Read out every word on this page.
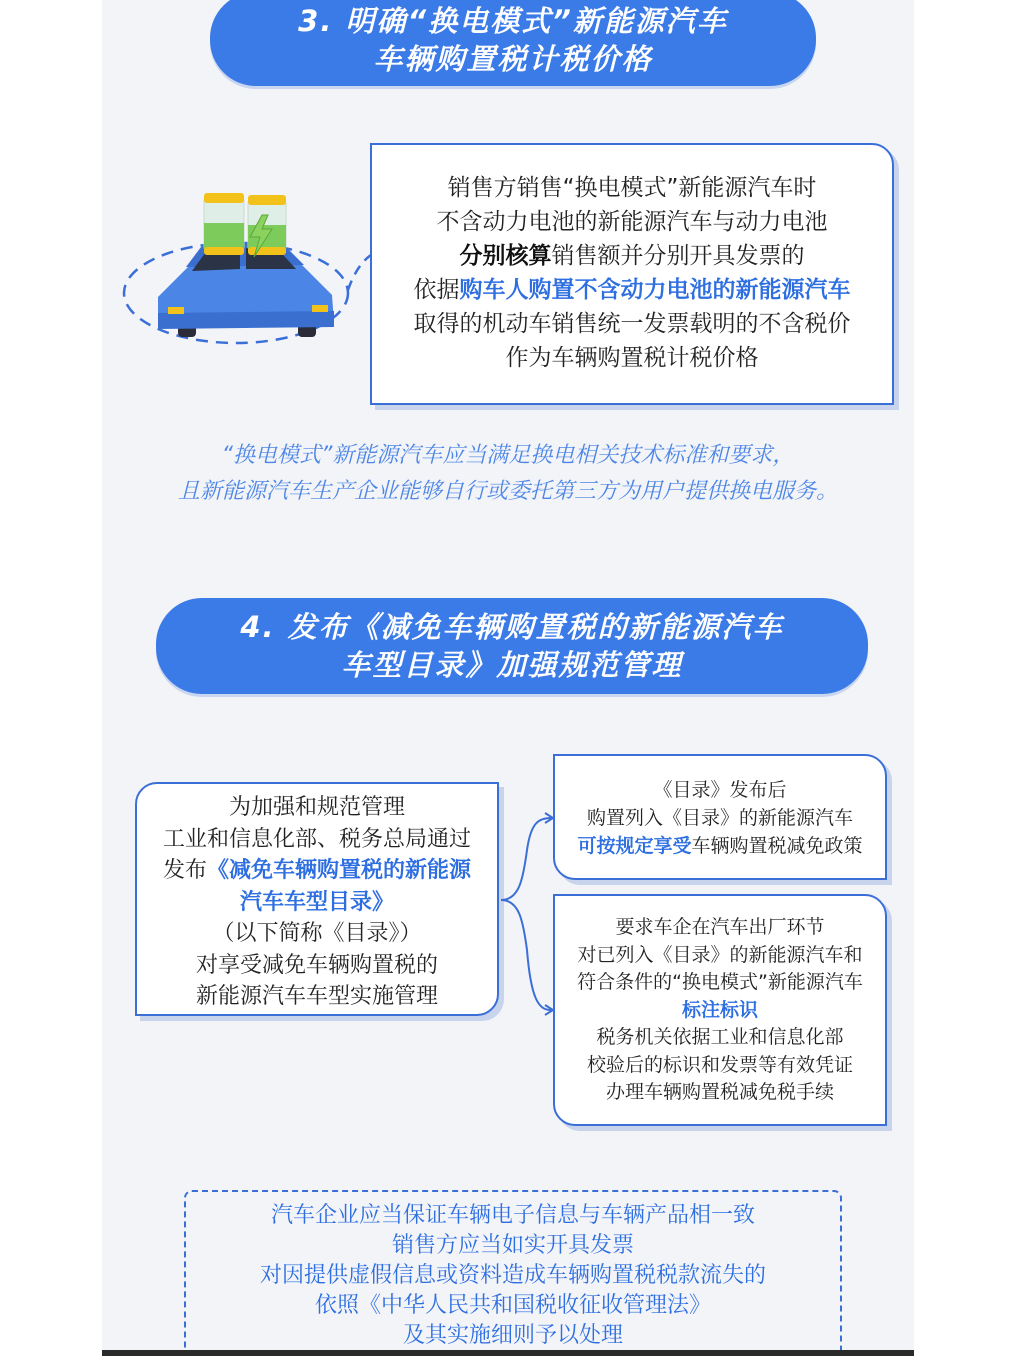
3. 明确“换电模式”新能源汽车
车辆购置税计税价格
销售方销售“换电模式”新能源汽车时
不含动力电池的新能源汽车与动力电池
分别核算销售额并分别开具发票的
依据购车人购置不含动力电池的新能源汽车
取得的机动车销售统一发票载明的不含税价
作为车辆购置税计税价格
“换电模式”新能源汽车应当满足换电相关技术标准和要求，
且新能源汽车生产企业能够自行或委托第三方为用户提供换电服务。
4. 发布《减免车辆购置税的新能源汽车
车型目录》加强规范管理
为加强和规范管理
工业和信息化部、税务总局通过
发布《减免车辆购置税的新能源
汽车车型目录》
（以下简称《目录》）
对享受减免车辆购置税的
新能源汽车车型实施管理
《目录》发布后
购置列入《目录》的新能源汽车
可按规定享受车辆购置税减免政策
要求车企在汽车出厂环节
对已列入《目录》的新能源汽车和
符合条件的“换电模式”新能源汽车
标注标识
税务机关依据工业和信息化部
校验后的标识和发票等有效凭证
办理车辆购置税减免税手续
汽车企业应当保证车辆电子信息与车辆产品相一致
销售方应当如实开具发票
对因提供虚假信息或资料造成车辆购置税税款流失的
依照《中华人民共和国税收征收管理法》
及其实施细则予以处理
